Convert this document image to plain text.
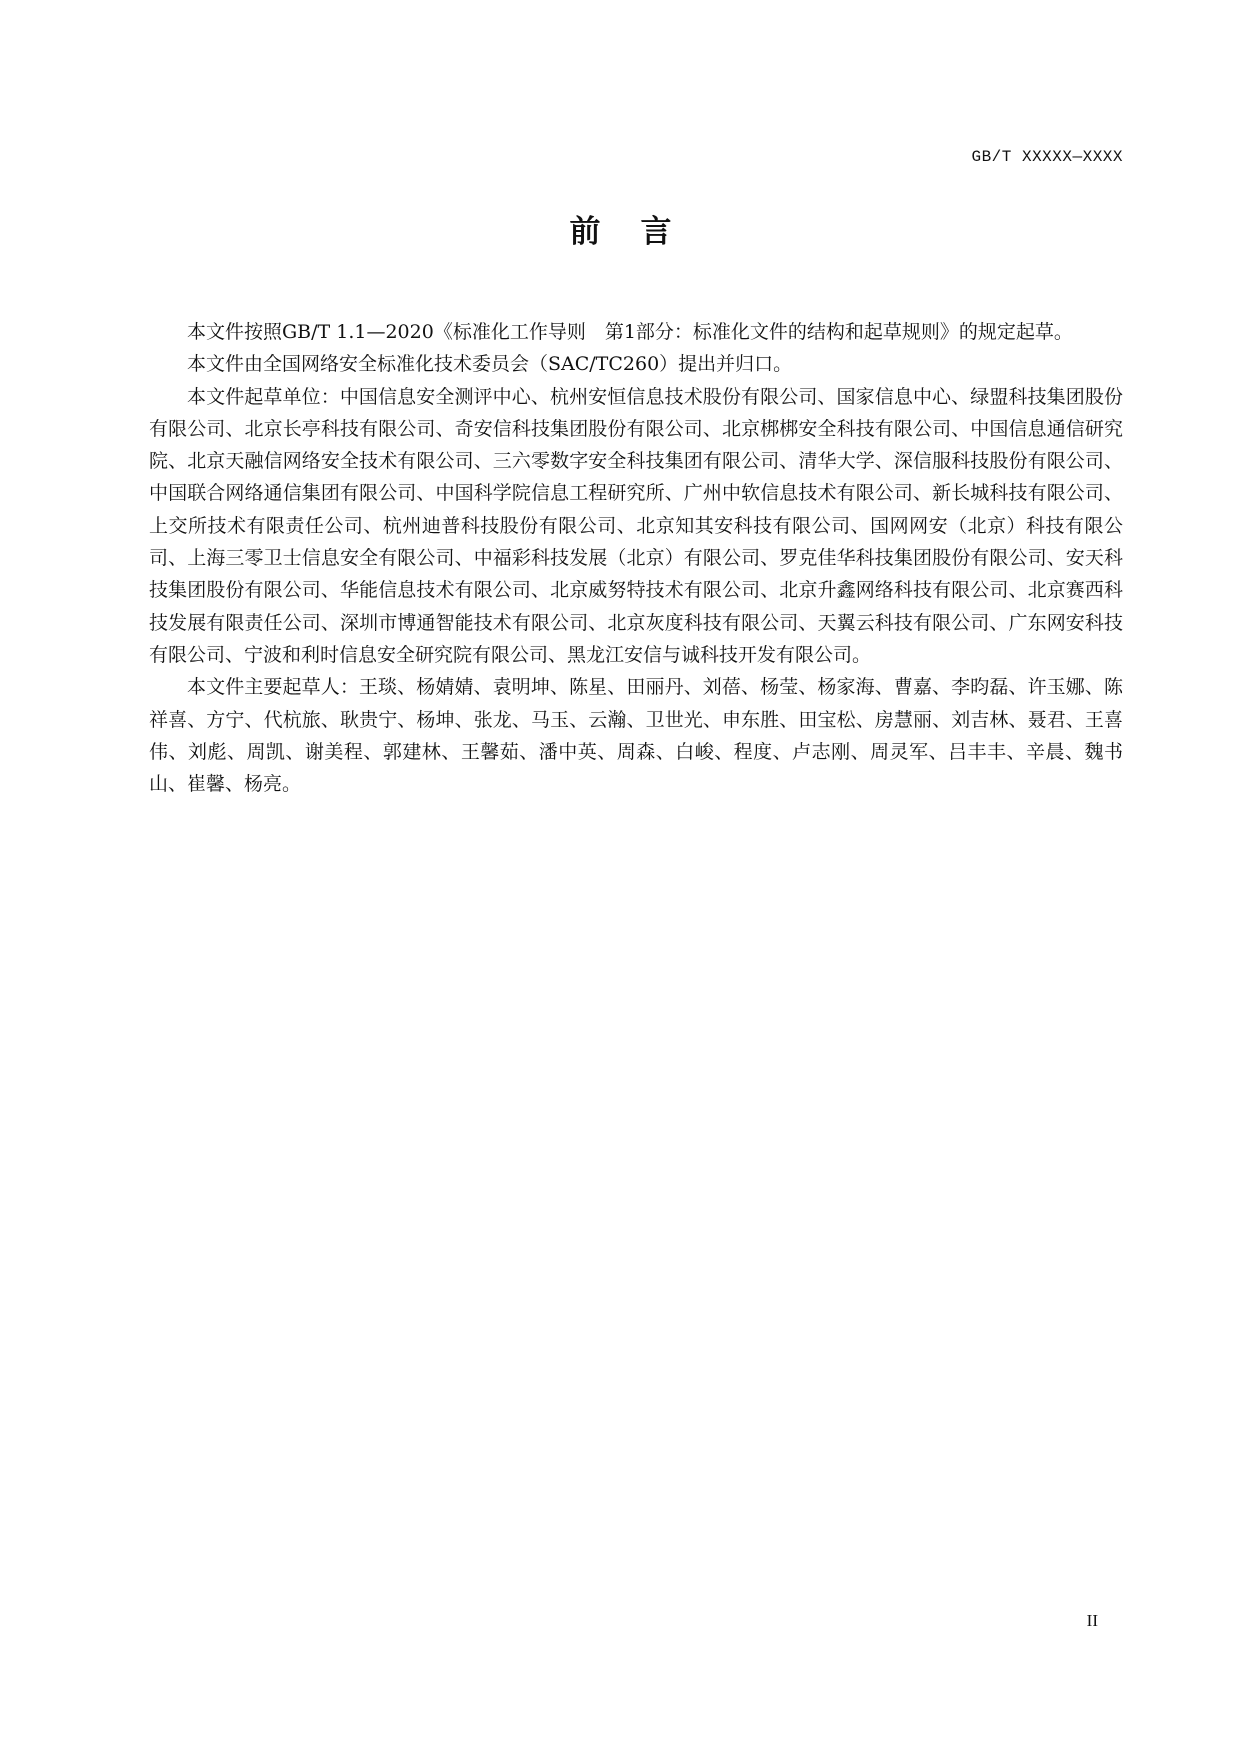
GB/T XXXXX—XXXX
前言

本文件按照GB/T 1.1—2020《标准化工作导则　第1部分：标准化文件的结构和起草规则》的规定起草。

本文件由全国网络安全标准化技术委员会（SAC/TC260）提出并归口。

本文件起草单位：中国信息安全测评中心、杭州安恒信息技术股份有限公司、国家信息中心、绿盟科技集团股份有限公司、北京长亭科技有限公司、奇安信科技集团股份有限公司、北京梆梆安全科技有限公司、中国信息通信研究院、北京天融信网络安全技术有限公司、三六零数字安全科技集团有限公司、清华大学、深信服科技股份有限公司、中国联合网络通信集团有限公司、中国科学院信息工程研究所、广州中软信息技术有限公司、新长城科技有限公司、上交所技术有限责任公司、杭州迪普科技股份有限公司、北京知其安科技有限公司、国网网安（北京）科技有限公司、上海三零卫士信息安全有限公司、中福彩科技发展（北京）有限公司、罗克佳华科技集团股份有限公司、安天科技集团股份有限公司、华能信息技术有限公司、北京威努特技术有限公司、北京升鑫网络科技有限公司、北京赛西科技发展有限责任公司、深圳市博通智能技术有限公司、北京灰度科技有限公司、天翼云科技有限公司、广东网安科技有限公司、宁波和利时信息安全研究院有限公司、黑龙江安信与诚科技开发有限公司。

本文件主要起草人：王琰、杨婧婧、袁明坤、陈星、田丽丹、刘蓓、杨莹、杨家海、曹嘉、李昀磊、许玉娜、陈祥喜、方宁、代杭旅、耿贵宁、杨坤、张龙、马玉、云瀚、卫世光、申东胜、田宝松、房慧丽、刘吉林、聂君、王喜伟、刘彪、周凯、谢美程、郭建林、王馨茹、潘中英、周森、白峻、程度、卢志刚、周灵军、吕丰丰、辛晨、魏书山、崔馨、杨亮。

II
